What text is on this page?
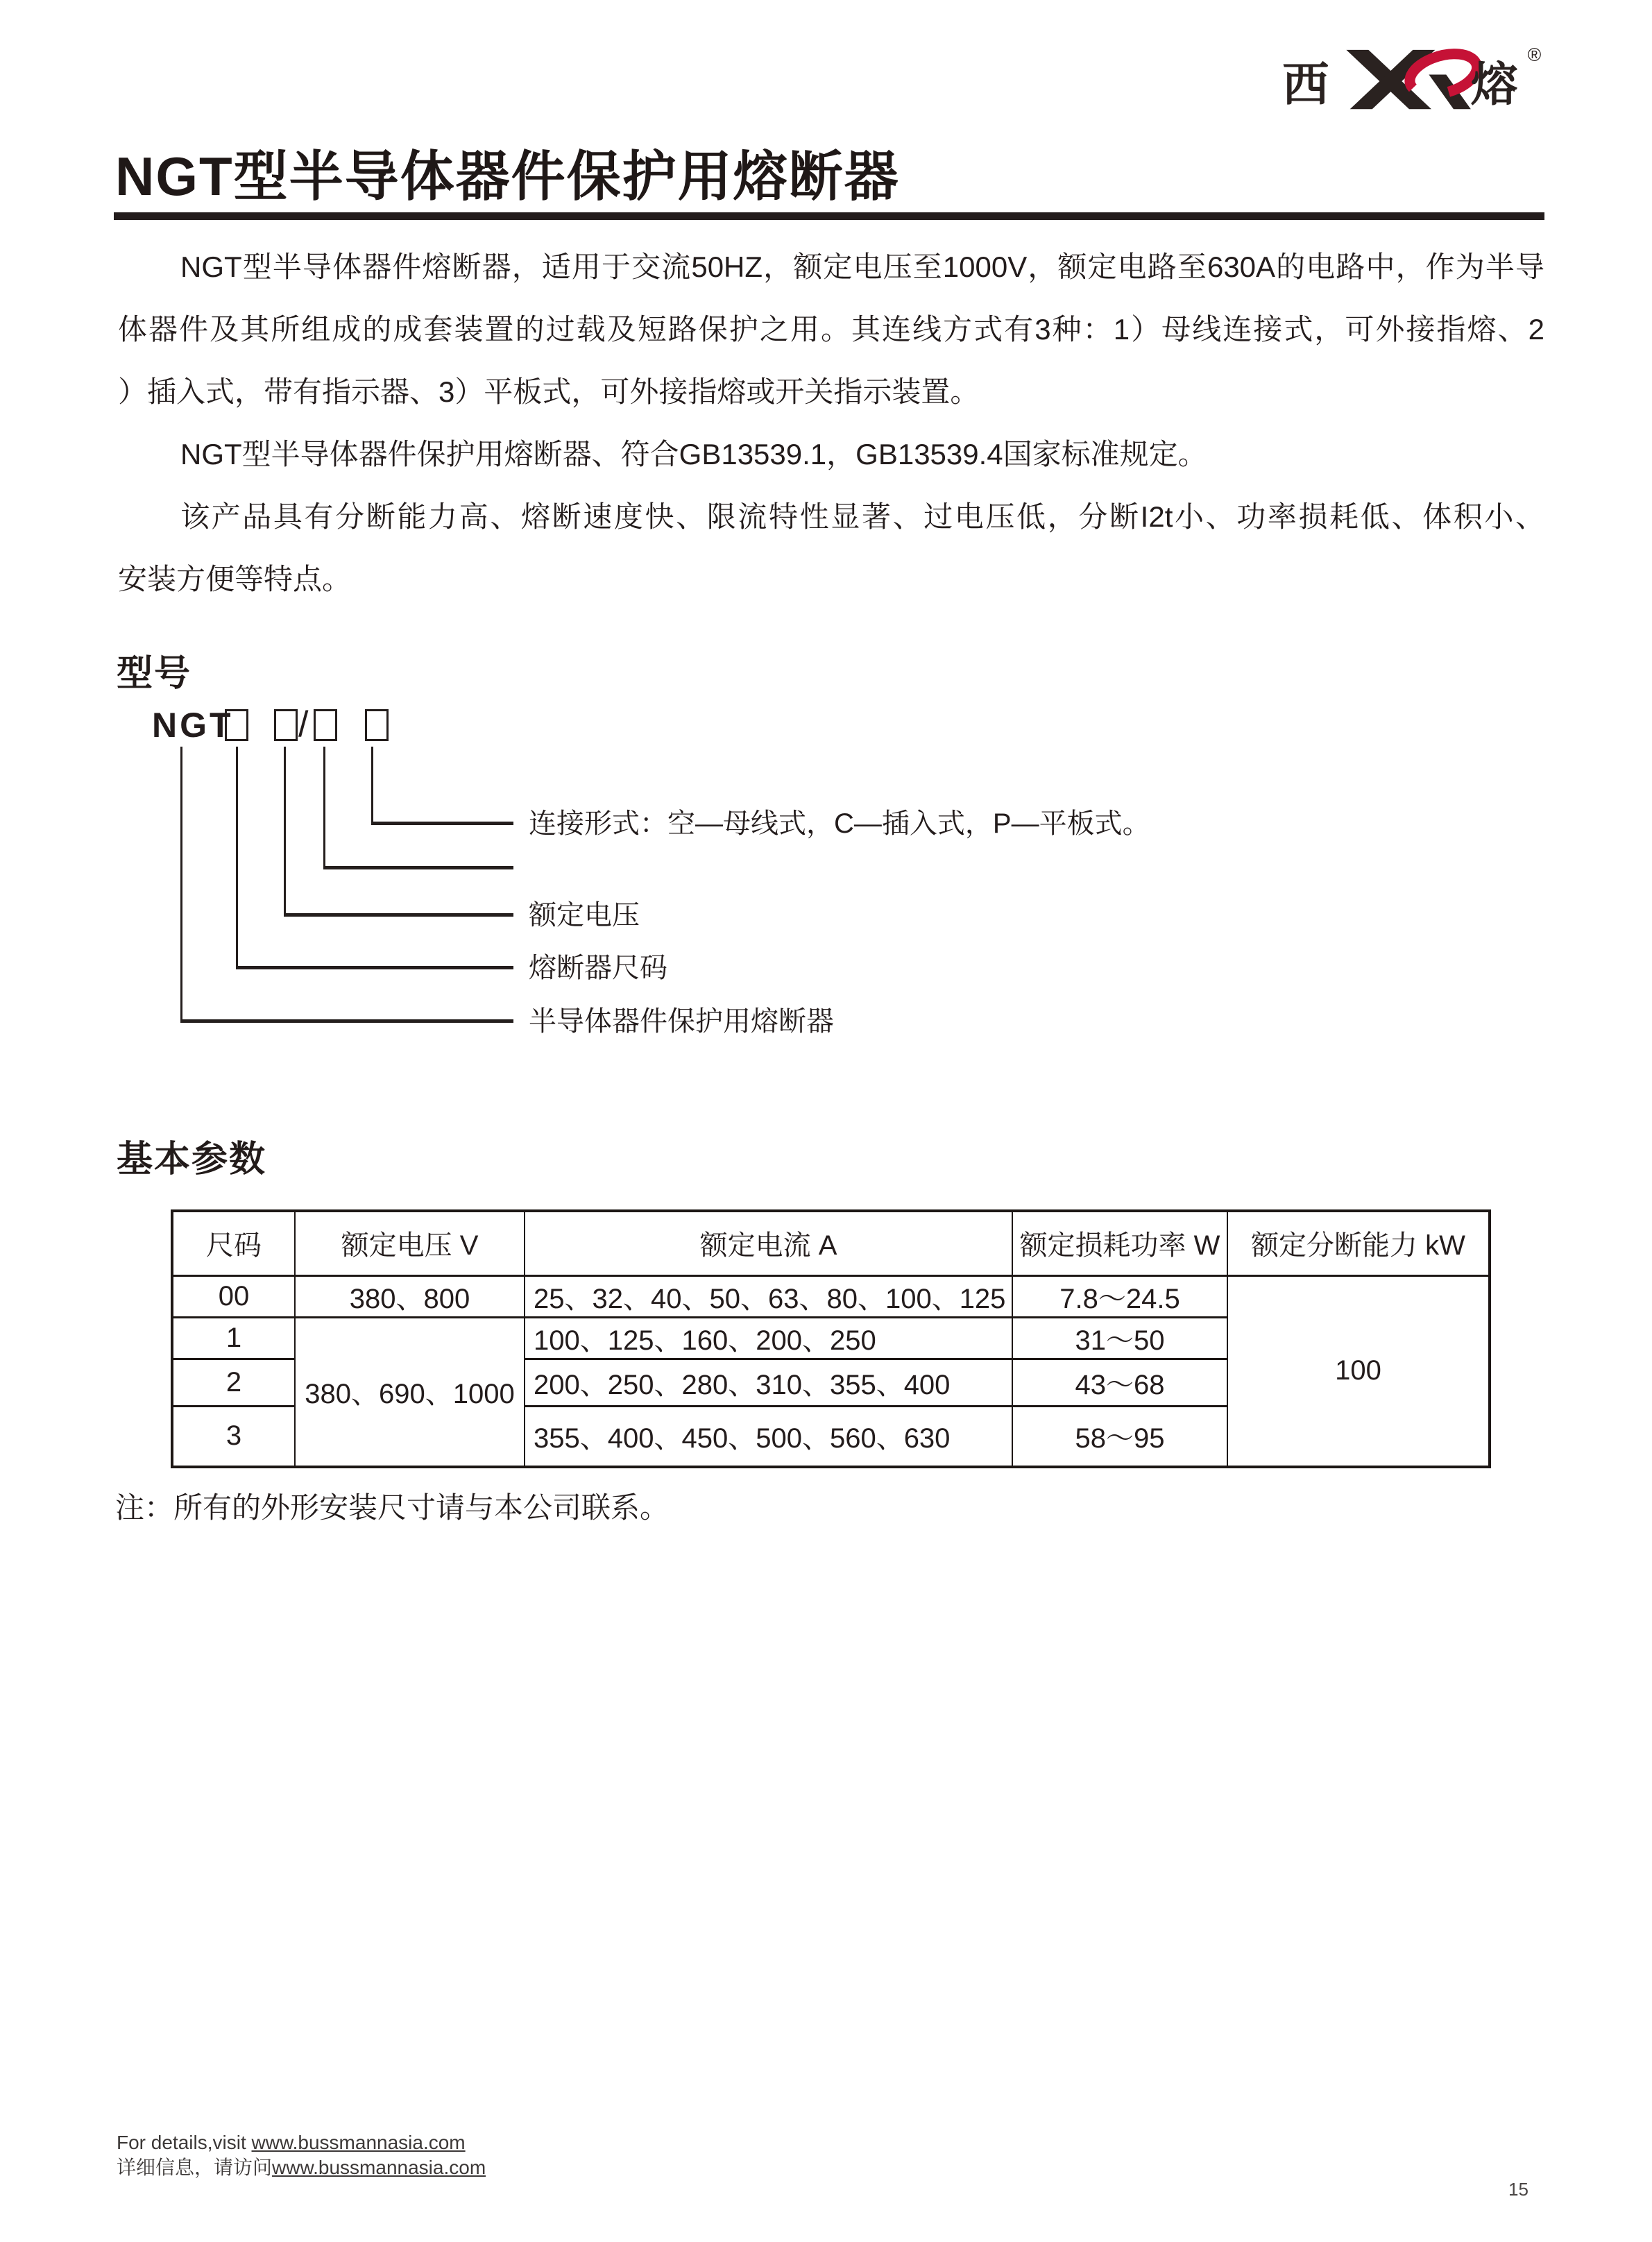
西	熔
®
NGT型半导体器件保护用熔断器
NGT型半导体器件熔断器，适用于交流50HZ，额定电压至1000V，额定电路至630A的电路中，作为半导
体器件及其所组成的成套装置的过载及短路保护之用。其连线方式有3种：1）母线连接式，可外接指熔、2
）插入式，带有指示器、3）平板式，可外接指熔或开关指示装置。
NGT型半导体器件保护用熔断器、符合GB13539.1，GB13539.4国家标准规定。
该产品具有分断能力高、熔断速度快、限流特性显著、过电压低，分断I2t小、功率损耗低、体积小、
安装方便等特点。
型号
NGT /
连接形式：空—母线式，C—插入式，P—平板式。
额定电压
熔断器尺码
半导体器件保护用熔断器
基本参数
尺码	额定电压 V	额定电流 A	额定损耗功率 W	额定分断能力 kW
00	380、800	25、32、40、50、63、80、100、125	7.8～24.5	100
1	380、690、1000	100、125、160、200、250	31～50	
2		200、250、280、310、355、400	43～68	
3		355、400、450、500、560、630	58～95	
注：所有的外形安装尺寸请与本公司联系。
For details,visit www.bussmannasia.com
详细信息，请访问www.bussmannasia.com
15
